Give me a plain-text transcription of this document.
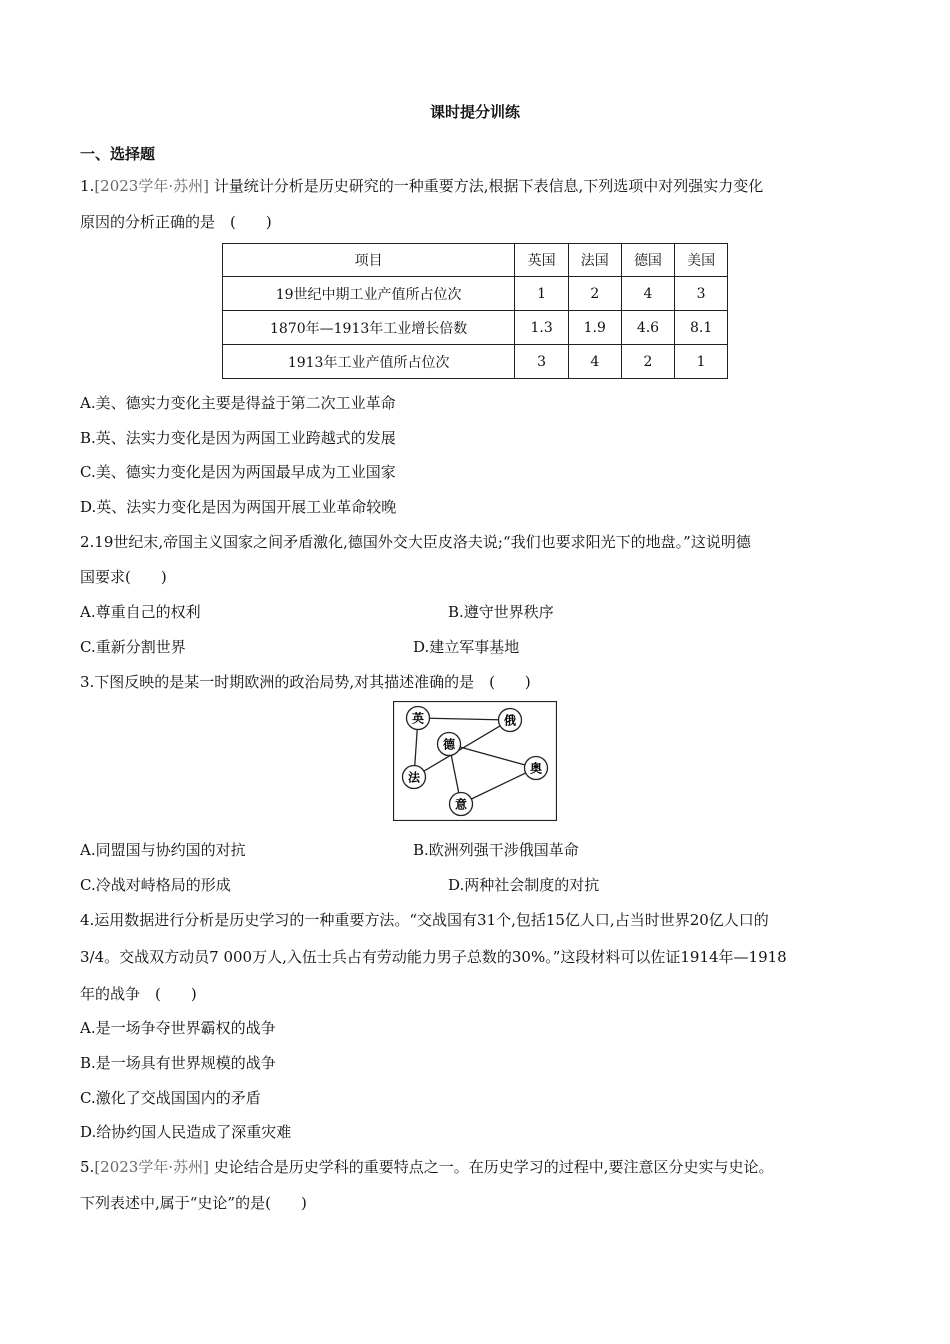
课时提分训练
一、选择题
1.[2023学年·苏州] 计量统计分析是历史研究的一种重要方法,根据下表信息,下列选项中对列强实力变化
原因的分析正确的是　(　　)
项目	英国	法国	德国	美国
19世纪中期工业产值所占位次	1	2	4	3
1870年—1913年工业增长倍数	1.3	1.9	4.6	8.1
1913年工业产值所占位次	3	4	2	1
A.美、德实力变化主要是得益于第二次工业革命
B.英、法实力变化是因为两国工业跨越式的发展
C.美、德实力变化是因为两国最早成为工业国家
D.英、法实力变化是因为两国开展工业革命较晚
2.19世纪末,帝国主义国家之间矛盾激化,德国外交大臣皮洛夫说;“我们也要求阳光下的地盘。”这说明德
国要求(　　)
A.尊重自己的权利	B.遵守世界秩序
C.重新分割世界	D.建立军事基地
3.下图反映的是某一时期欧洲的政治局势,对其描述准确的是　(　　)
英	俄
德
法
奥
意
A.同盟国与协约国的对抗	B.欧洲列强干涉俄国革命
C.冷战对峙格局的形成	D.两种社会制度的对抗
4.运用数据进行分析是历史学习的一种重要方法。“交战国有31个,包括15亿人口,占当时世界20亿人口的
3/4。交战双方动员7 000万人,入伍士兵占有劳动能力男子总数的30%。”这段材料可以佐证1914年—1918
年的战争　(　　)
A.是一场争夺世界霸权的战争
B.是一场具有世界规模的战争
C.激化了交战国国内的矛盾
D.给协约国人民造成了深重灾难
5.[2023学年·苏州] 史论结合是历史学科的重要特点之一。在历史学习的过程中,要注意区分史实与史论。
下列表述中,属于“史论”的是(　　)
